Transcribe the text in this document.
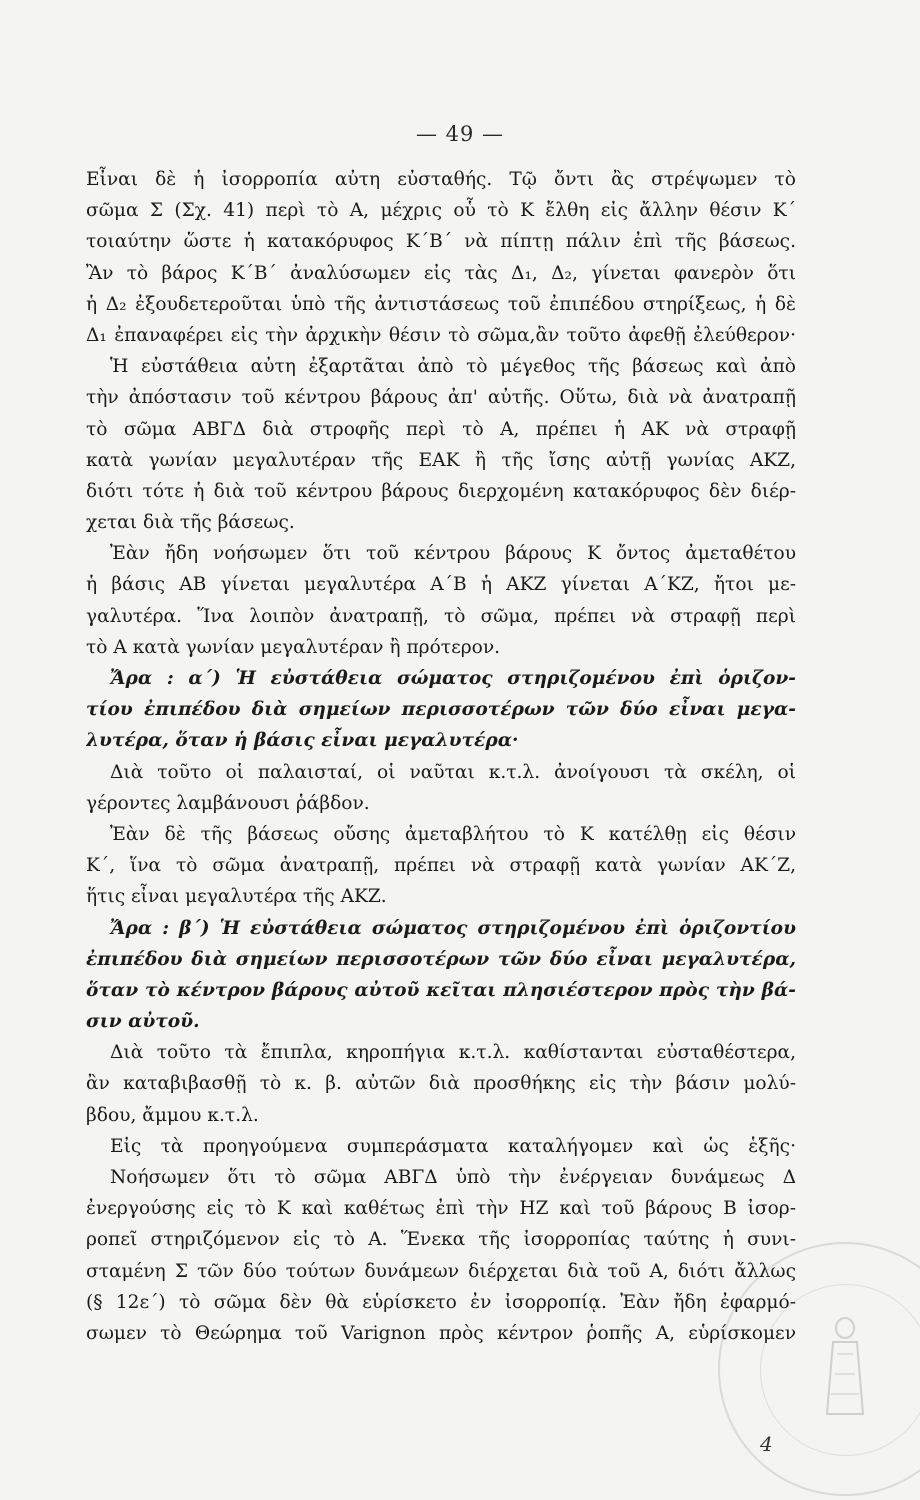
— 49 —
Εἶναι δὲ ἡ ἰσορροπία αὐτη εὐσταθής. Τῷ ὄντι ἂς στρέψωμεν τὸ
σῶμα Σ (Σχ. 41) περὶ τὸ Α, μέχρις οὗ τὸ Κ ἔλθη εἰς ἄλλην θέσιν Κ΄
τοιαύτην ὥστε ἡ κατακόρυφος Κ΄Β΄ νὰ πίπτῃ πάλιν ἐπὶ τῆς βάσεως.
Ἂν τὸ βάρος Κ΄Β΄ ἀναλύσωμεν εἰς τὰς Δ₁, Δ₂, γίνεται φανερὸν ὅτι
ἡ Δ₂ ἐξουδετεροῦται ὑπὸ τῆς ἀντιστάσεως τοῦ ἐπιπέδου στηρίξεως, ἡ δὲ
Δ₁ ἐπαναφέρει εἰς τὴν ἀρχικὴν θέσιν τὸ σῶμα,ἂν τοῦτο ἀφεθῇ ἐλεύθερον·
Ἡ εὐστάθεια αὐτη ἐξαρτᾶται ἀπὸ τὸ μέγεθος τῆς βάσεως καὶ ἀπὸ
τὴν ἀπόστασιν τοῦ κέντρου βάρους ἀπ' αὐτῆς. Οὕτω, διὰ νὰ ἀνατραπῇ
τὸ σῶμα ΑΒΓΔ διὰ στροφῆς περὶ τὸ Α, πρέπει ἡ ΑΚ νὰ στραφῇ
κατὰ γωνίαν μεγαλυτέραν τῆς ΕΑΚ ἢ τῆς ἴσης αὐτῇ γωνίας ΑΚΖ,
διότι τότε ἡ διὰ τοῦ κέντρου βάρους διερχομένη κατακόρυφος δὲν διέρ-
χεται διὰ τῆς βάσεως.
Ἐὰν ἤδη νοήσωμεν ὅτι τοῦ κέντρου βάρους Κ ὄντος ἀμεταθέτου
ἡ βάσις ΑΒ γίνεται μεγαλυτέρα Α΄Β ἡ ΑΚΖ γίνεται Α΄ΚΖ, ἤτοι με-
γαλυτέρα. Ἵνα λοιπὸν ἀνατραπῇ, τὸ σῶμα, πρέπει νὰ στραφῇ περὶ
τὸ Α κατὰ γωνίαν μεγαλυτέραν ἢ πρότερον.
Ἄρα : α΄) Ἡ εὐστάθεια σώματος στηριζομένου ἐπὶ ὁριζον-
τίου ἐπιπέδου διὰ σημείων περισσοτέρων τῶν δύο εἶναι μεγα-
λυτέρα, ὅταν ἡ βάσις εἶναι μεγαλυτέρα·
Διὰ τοῦτο οἱ παλαισταί, οἱ ναῦται κ.τ.λ. ἀνοίγουσι τὰ σκέλη, οἱ
γέροντες λαμβάνουσι ῥάβδον.
Ἐὰν δὲ τῆς βάσεως οὔσης ἀμεταβλήτου τὸ Κ κατέλθῃ εἰς θέσιν
Κ΄, ἵνα τὸ σῶμα ἀνατραπῇ, πρέπει νὰ στραφῇ κατὰ γωνίαν ΑΚ΄Ζ,
ἥτις εἶναι μεγαλυτέρα τῆς ΑΚΖ.
Ἄρα : β΄) Ἡ εὐστάθεια σώματος στηριζομένου ἐπὶ ὁριζοντίου
ἐπιπέδου διὰ σημείων περισσοτέρων τῶν δύο εἶναι μεγαλυτέρα,
ὅταν τὸ κέντρον βάρους αὐτοῦ κεῖται πλησιέστερον πρὸς τὴν βά-
σιν αὐτοῦ.
Διὰ τοῦτο τὰ ἔπιπλα, κηροπήγια κ.τ.λ. καθίστανται εὐσταθέστερα,
ἂν καταβιβασθῇ τὸ κ. β. αὐτῶν διὰ προσθήκης εἰς τὴν βάσιν μολύ-
βδου, ἄμμου κ.τ.λ.
Εἰς τὰ προηγούμενα συμπεράσματα καταλήγομεν καὶ ὡς ἑξῆς·
Νοήσωμεν ὅτι τὸ σῶμα ΑΒΓΔ ὑπὸ τὴν ἐνέργειαν δυνάμεως Δ
ἐνεργούσης εἰς τὸ Κ καὶ καθέτως ἐπὶ τὴν ΗΖ καὶ τοῦ βάρους Β ἰσορ-
ροπεῖ στηριζόμενον εἰς τὸ Α. Ἕνεκα τῆς ἰσορροπίας ταύτης ἡ συνι-
σταμένη Σ τῶν δύο τούτων δυνάμεων διέρχεται διὰ τοῦ Α, διότι ἄλλως
(§ 12ε΄) τὸ σῶμα δὲν θὰ εὑρίσκετο ἐν ἰσορροπίᾳ. Ἐὰν ἤδη ἐφαρμό-
σωμεν τὸ Θεώρημα τοῦ Varignon πρὸς κέντρον ῥοπῆς Α, εὑρίσκομεν
4
